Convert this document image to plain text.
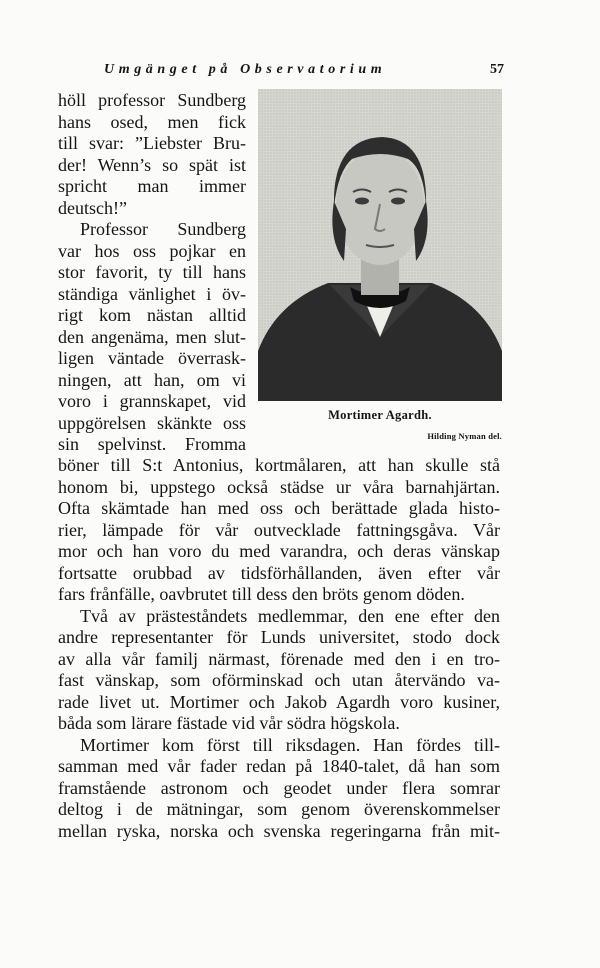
Umgänget på Observatorium	57
höll professor Sundberg
hans osed, men fick
till svar: ”Liebster Bru-
der! Wenn’s so spät ist
spricht man immer
deutsch!”
Professor Sundberg
var hos oss pojkar en
stor favorit, ty till hans
ständiga vänlighet i öv-
rigt kom nästan alltid
den angenäma, men slut-
ligen väntade överrask-
ningen, att han, om vi
voro i grannskapet, vid
uppgörelsen skänkte oss
sin spelvinst. Fromma
Mortimer Agardh.
Hilding Nyman del.
böner till S:t Antonius, kortmålaren, att han skulle stå
honom bi, uppstego också städse ur våra barnahjärtan.
Ofta skämtade han med oss och berättade glada histo-
rier, lämpade för vår outvecklade fattningsgåva. Vår
mor och han voro du med varandra, och deras vänskap
fortsatte orubbad av tidsförhållanden, även efter vår
fars frånfälle, oavbrutet till dess den bröts genom döden.
Två av prästeståndets medlemmar, den ene efter den
andre representanter för Lunds universitet, stodo dock
av alla vår familj närmast, förenade med den i en tro-
fast vänskap, som oförminskad och utan återvändo va-
rade livet ut. Mortimer och Jakob Agardh voro kusiner,
båda som lärare fästade vid vår södra högskola.
Mortimer kom först till riksdagen. Han fördes till-
samman med vår fader redan på 1840-talet, då han som
framstående astronom och geodet under flera somrar
deltog i de mätningar, som genom överenskommelser
mellan ryska, norska och svenska regeringarna från mit-
